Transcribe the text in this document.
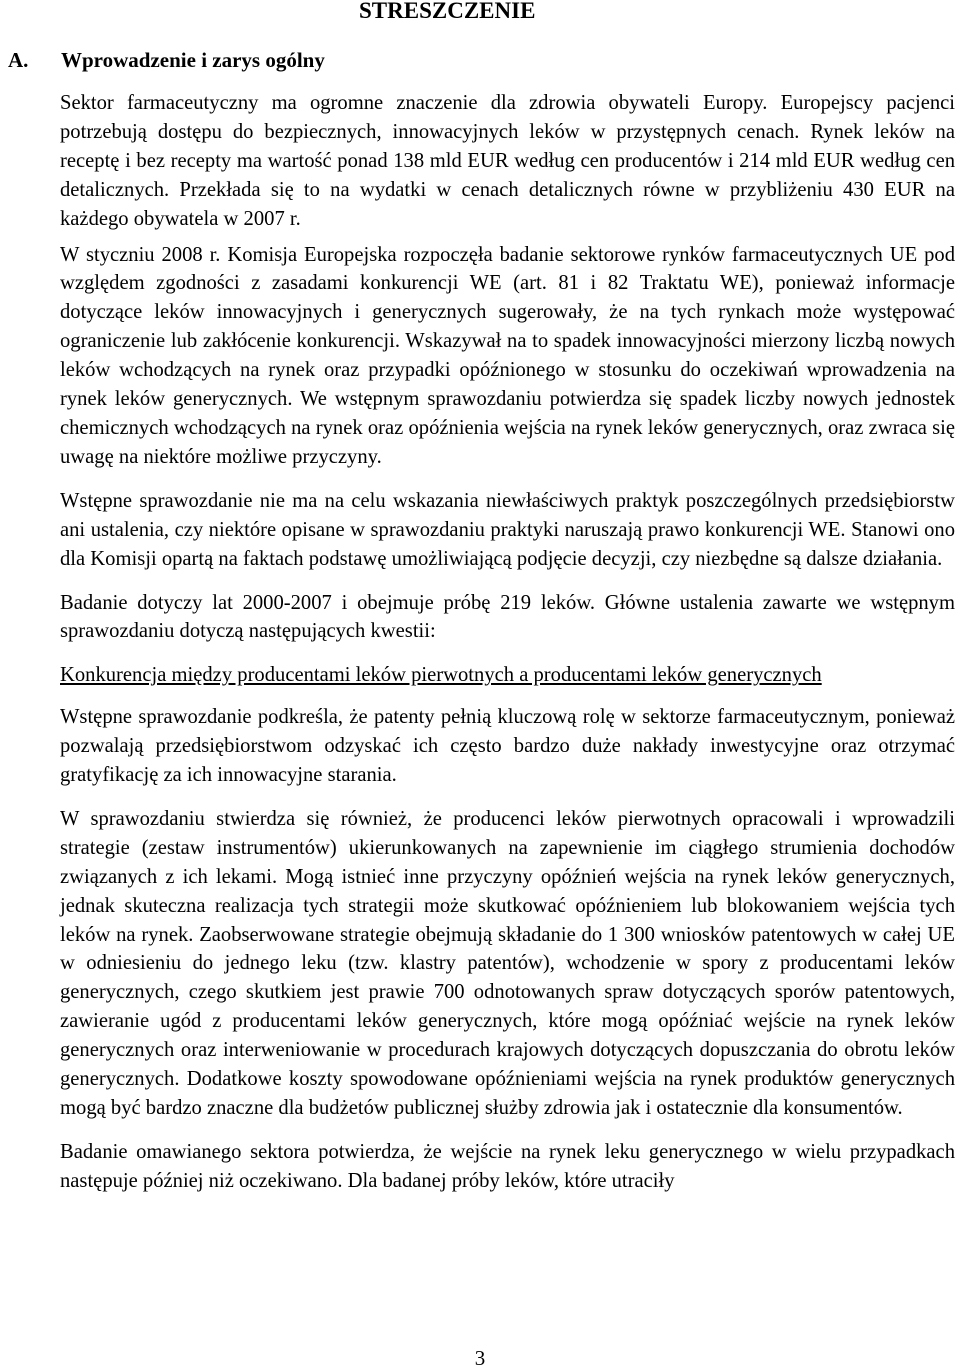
STRESZCZENIE
A. Wprowadzenie i zarys ogólny

Sektor farmaceutyczny ma ogromne znaczenie dla zdrowia obywateli Europy. Europejscy pacjenci potrzebują dostępu do bezpiecznych, innowacyjnych leków w przystępnych cenach. Rynek leków na receptę i bez recepty ma wartość ponad 138 mld EUR według cen producentów i 214 mld EUR według cen detalicznych. Przekłada się to na wydatki w cenach detalicznych równe w przybliżeniu 430 EUR na każdego obywatela w 2007 r.

W styczniu 2008 r. Komisja Europejska rozpoczęła badanie sektorowe rynków farmaceutycznych UE pod względem zgodności z zasadami konkurencji WE (art. 81 i 82 Traktatu WE), ponieważ informacje dotyczące leków innowacyjnych i generycznych sugerowały, że na tych rynkach może występować ograniczenie lub zakłócenie konkurencji. Wskazywał na to spadek innowacyjności mierzony liczbą nowych leków wchodzących na rynek oraz przypadki opóźnionego w stosunku do oczekiwań wprowadzenia na rynek leków generycznych. We wstępnym sprawozdaniu potwierdza się spadek liczby nowych jednostek chemicznych wchodzących na rynek oraz opóźnienia wejścia na rynek leków generycznych, oraz zwraca się uwagę na niektóre możliwe przyczyny.

Wstępne sprawozdanie nie ma na celu wskazania niewłaściwych praktyk poszczególnych przedsiębiorstw ani ustalenia, czy niektóre opisane w sprawozdaniu praktyki naruszają prawo konkurencji WE. Stanowi ono dla Komisji opartą na faktach podstawę umożliwiającą podjęcie decyzji, czy niezbędne są dalsze działania.

Badanie dotyczy lat 2000-2007 i obejmuje próbę 219 leków. Główne ustalenia zawarte we wstępnym sprawozdaniu dotyczą następujących kwestii:

Konkurencja między producentami leków pierwotnych a producentami leków generycznych

Wstępne sprawozdanie podkreśla, że patenty pełnią kluczową rolę w sektorze farmaceutycznym, ponieważ pozwalają przedsiębiorstwom odzyskać ich często bardzo duże nakłady inwestycyjne oraz otrzymać gratyfikację za ich innowacyjne starania.

W sprawozdaniu stwierdza się również, że producenci leków pierwotnych opracowali i wprowadzili strategie (zestaw instrumentów) ukierunkowanych na zapewnienie im ciągłego strumienia dochodów związanych z ich lekami. Mogą istnieć inne przyczyny opóźnień wejścia na rynek leków generycznych, jednak skuteczna realizacja tych strategii może skutkować opóźnieniem lub blokowaniem wejścia tych leków na rynek. Zaobserwowane strategie obejmują składanie do 1 300 wniosków patentowych w całej UE w odniesieniu do jednego leku (tzw. klastry patentów), wchodzenie w spory z producentami leków generycznych, czego skutkiem jest prawie 700 odnotowanych spraw dotyczących sporów patentowych, zawieranie ugód z producentami leków generycznych, które mogą opóźniać wejście na rynek leków generycznych oraz interweniowanie w procedurach krajowych dotyczących dopuszczania do obrotu leków generycznych. Dodatkowe koszty spowodowane opóźnieniami wejścia na rynek produktów generycznych mogą być bardzo znaczne dla budżetów publicznej służby zdrowia jak i ostatecznie dla konsumentów.

Badanie omawianego sektora potwierdza, że wejście na rynek leku generycznego w wielu przypadkach następuje później niż oczekiwano. Dla badanej próby leków, które utraciły

3
